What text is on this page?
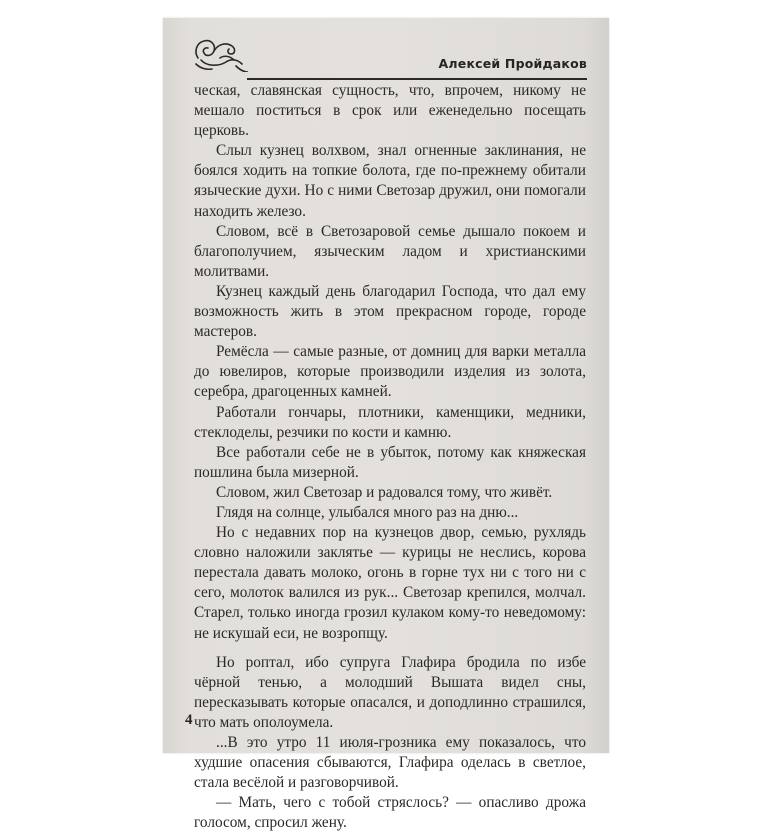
Алексей Пройдаков

ческая, славянская сущность, что, впрочем, никому не мешало поститься в срок или еженедельно посещать церковь.

Слыл кузнец волхвом, знал огненные заклинания, не боялся ходить на топкие болота, где по-прежнему обитали языческие духи. Но с ними Светозар дружил, они помогали находить железо.

Словом, всё в Светозаровой семье дышало покоем и благополучием, языческим ладом и христианскими молитвами.

Кузнец каждый день благодарил Господа, что дал ему возможность жить в этом прекрасном городе, городе мастеров.

Ремёсла — самые разные, от домниц для варки металла до ювелиров, которые производили изделия из золота, серебра, драгоценных камней.

Работали гончары, плотники, каменщики, медники, стеклоделы, резчики по кости и камню.

Все работали себе не в убыток, потому как княжеская пошлина была мизерной.

Словом, жил Светозар и радовался тому, что живёт.

Глядя на солнце, улыбался много раз на дню...

Но с недавних пор на кузнецов двор, семью, рухлядь словно наложили заклятье — курицы не неслись, корова перестала давать молоко, огонь в горне тух ни с того ни с сего, молоток валился из рук... Светозар крепился, молчал. Старел, только иногда грозил кулаком кому-то неведомому: не искушай еси, не возропщу.

Но роптал, ибо супруга Глафира бродила по избе чёрной тенью, а молодший Вышата видел сны, пересказывать которые опасался, и доподлинно страшился, что мать ополоумела.

...В это утро 11 июля-грозника ему показалось, что худшие опасения сбываются, Глафира оделась в светлое, стала весёлой и разговорчивой.

— Мать, чего с тобой стряслось? — опасливо дрожа голосом, спросил жену.

4
